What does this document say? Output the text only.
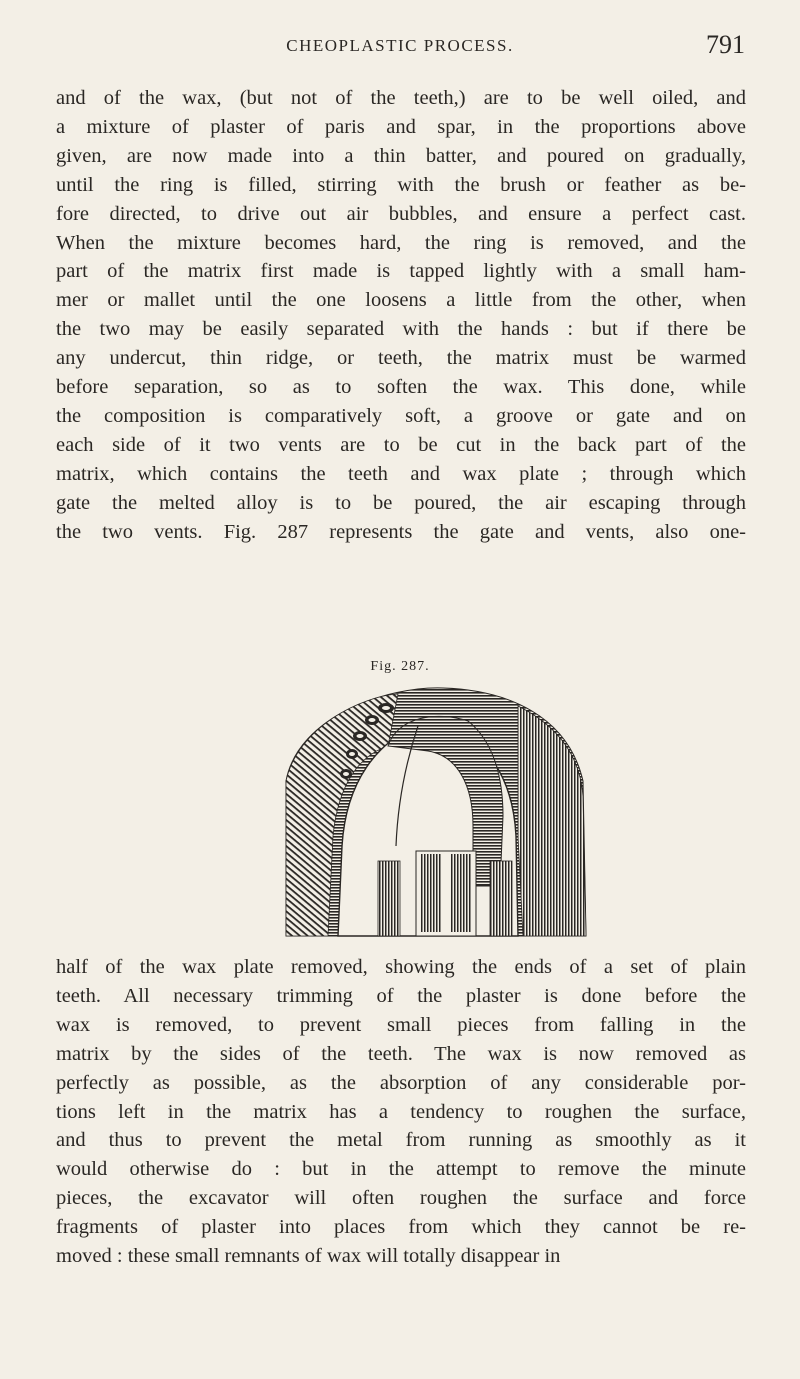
CHEOPLASTIC PROCESS.	791
and of the wax, (but not of the teeth,) are to be well oiled, and
a mixture of plaster of paris and spar, in the proportions above
given, are now made into a thin batter, and poured on gradually,
until the ring is filled, stirring with the brush or feather as be-
fore directed, to drive out air bubbles, and ensure a perfect cast.
When the mixture becomes hard, the ring is removed, and the
part of the matrix first made is tapped lightly with a small ham-
mer or mallet until the one loosens a little from the other, when
the two may be easily separated with the hands : but if there be
any undercut, thin ridge, or teeth, the matrix must be warmed
before separation, so as to soften the wax. This done, while
the composition is comparatively soft, a groove or gate and on
each side of it two vents are to be cut in the back part of the
matrix, which contains the teeth and wax plate ; through which
gate the melted alloy is to be poured, the air escaping through
the two vents. Fig. 287 represents the gate and vents, also one-
Fig. 287.
half of the wax plate removed, showing the ends of a set of plain
teeth. All necessary trimming of the plaster is done before the
wax is removed, to prevent small pieces from falling in the
matrix by the sides of the teeth. The wax is now removed as
perfectly as possible, as the absorption of any considerable por-
tions left in the matrix has a tendency to roughen the surface,
and thus to prevent the metal from running as smoothly as it
would otherwise do : but in the attempt to remove the minute
pieces, the excavator will often roughen the surface and force
fragments of plaster into places from which they cannot be re-
moved : these small remnants of wax will totally disappear in
